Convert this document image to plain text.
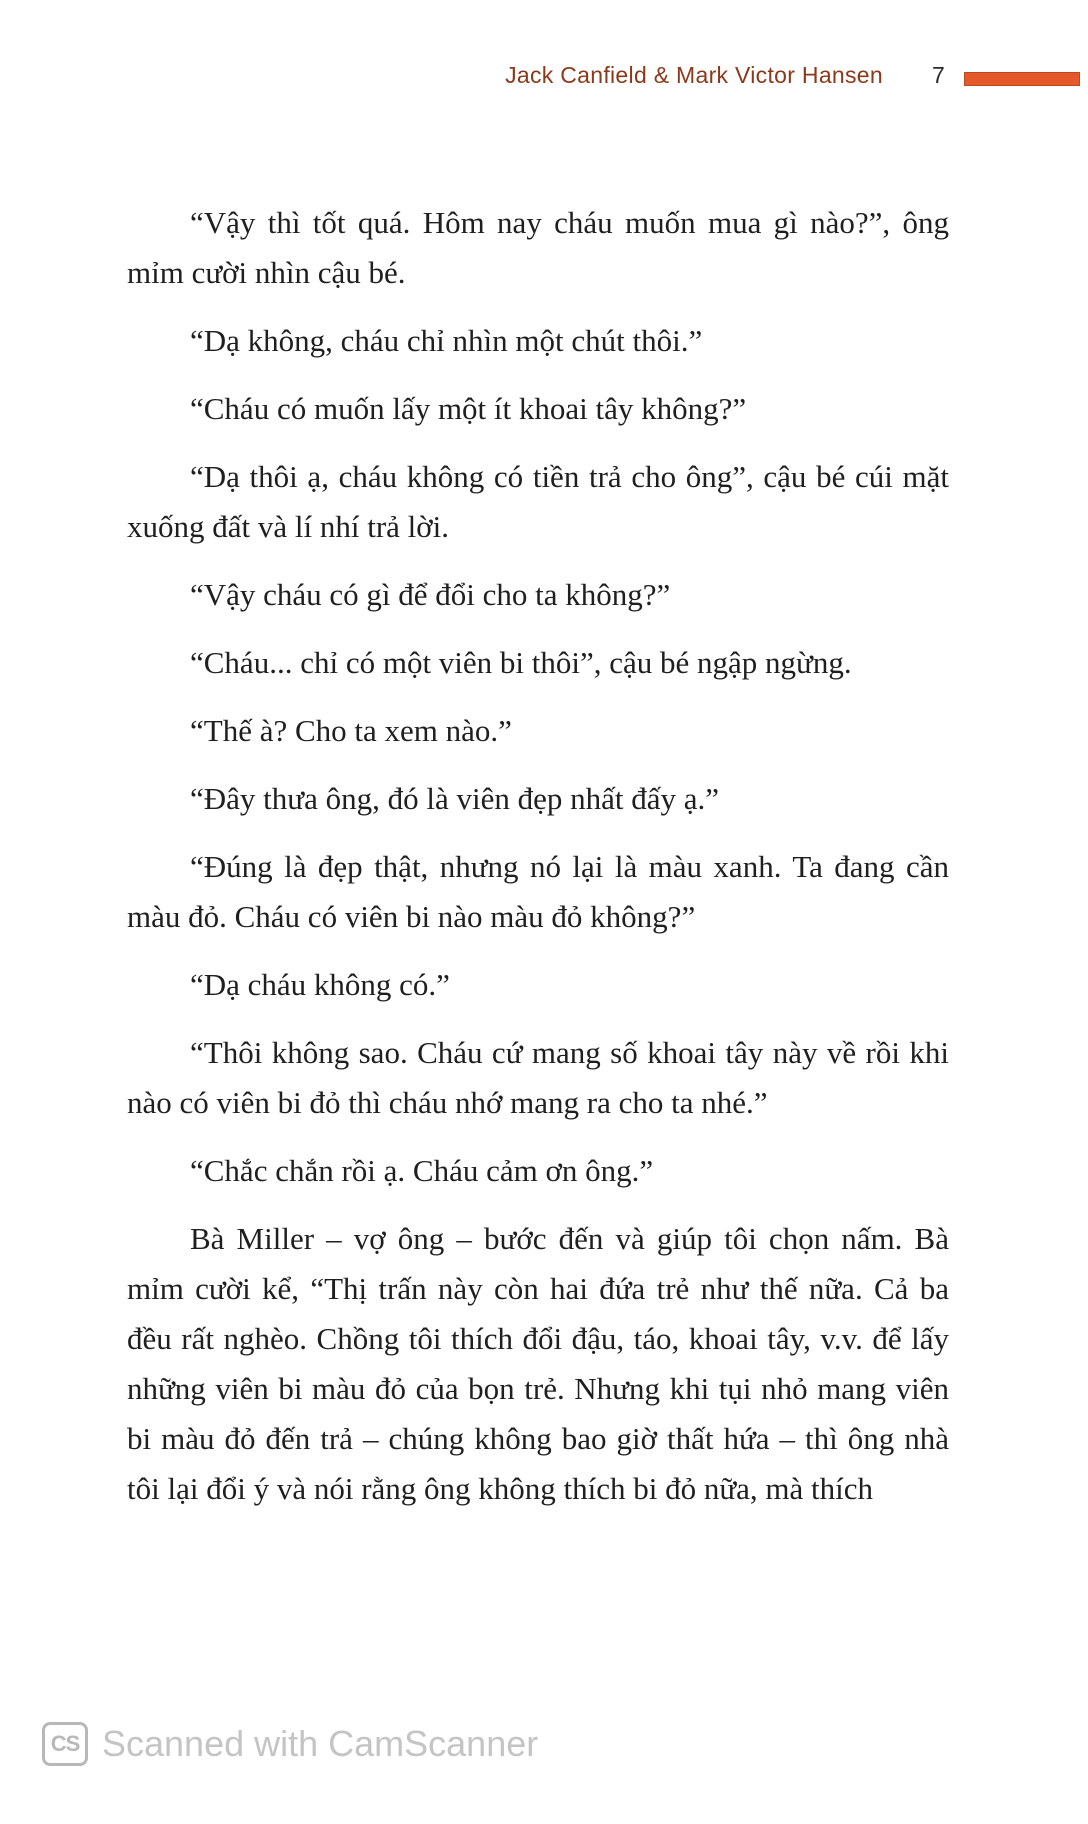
Jack Canfield & Mark Victor Hansen 7

“Vậy thì tốt quá. Hôm nay cháu muốn mua gì nào?”, ông mỉm cười nhìn cậu bé.

“Dạ không, cháu chỉ nhìn một chút thôi.”

“Cháu có muốn lấy một ít khoai tây không?”

“Dạ thôi ạ, cháu không có tiền trả cho ông”, cậu bé cúi mặt xuống đất và lí nhí trả lời.

“Vậy cháu có gì để đổi cho ta không?”

“Cháu... chỉ có một viên bi thôi”, cậu bé ngập ngừng.

“Thế à? Cho ta xem nào.”

“Đây thưa ông, đó là viên đẹp nhất đấy ạ.”

“Đúng là đẹp thật, nhưng nó lại là màu xanh. Ta đang cần màu đỏ. Cháu có viên bi nào màu đỏ không?”

“Dạ cháu không có.”

“Thôi không sao. Cháu cứ mang số khoai tây này về rồi khi nào có viên bi đỏ thì cháu nhớ mang ra cho ta nhé.”

“Chắc chắn rồi ạ. Cháu cảm ơn ông.”

Bà Miller – vợ ông – bước đến và giúp tôi chọn nấm. Bà mỉm cười kể, “Thị trấn này còn hai đứa trẻ như thế nữa. Cả ba đều rất nghèo. Chồng tôi thích đổi đậu, táo, khoai tây, v.v. để lấy những viên bi màu đỏ của bọn trẻ. Nhưng khi tụi nhỏ mang viên bi màu đỏ đến trả – chúng không bao giờ thất hứa – thì ông nhà tôi lại đổi ý và nói rằng ông không thích bi đỏ nữa, mà thích

CS Scanned with CamScanner
